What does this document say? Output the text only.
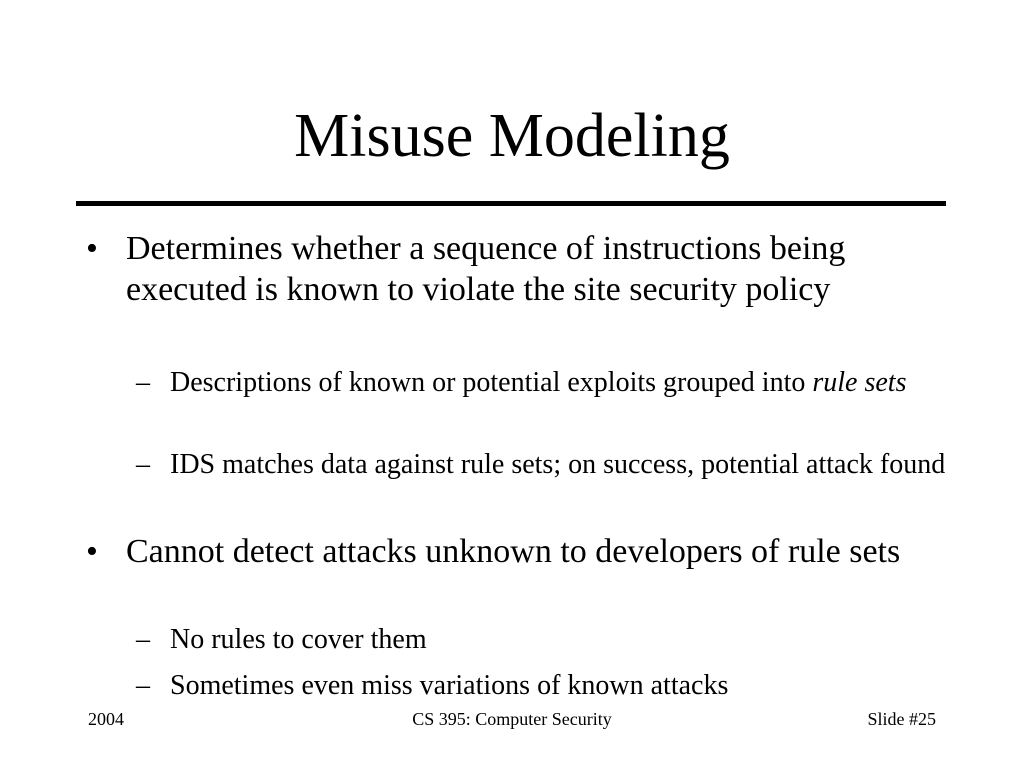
Misuse Modeling
• Determines whether a sequence of instructions being executed is known to violate the site security policy
– Descriptions of known or potential exploits grouped into rule sets
– IDS matches data against rule sets; on success, potential attack found
• Cannot detect attacks unknown to developers of rule sets
– No rules to cover them
– Sometimes even miss variations of known attacks
2004	CS 395: Computer Security	Slide #25
